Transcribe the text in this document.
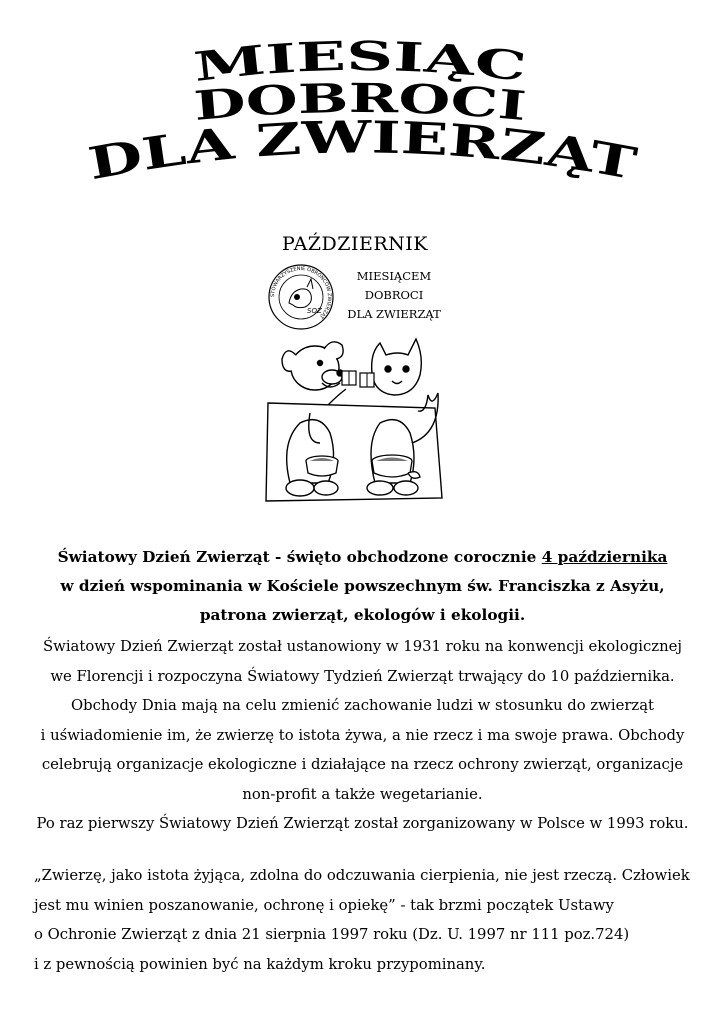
MIESIĄC
DOBROCI
DLA ZWIERZĄT
PAŹDZIERNIK
STOWARZYSZENIE OBROŃCÓW ZWIERZĄT
SOZ
MIESIĄCEM
DOBROCI
DLA ZWIERZĄT
Światowy Dzień Zwierząt - święto obchodzone corocznie 4 października
w dzień wspominania w Kościele powszechnym św. Franciszka z Asyżu,
patrona zwierząt, ekologów i ekologii.
Światowy Dzień Zwierząt został ustanowiony w 1931 roku na konwencji ekologicznej
we Florencji i rozpoczyna Światowy Tydzień Zwierząt trwający do 10 października.
Obchody Dnia mają na celu zmienić zachowanie ludzi w stosunku do zwierząt
i uświadomienie im, że zwierzę to istota żywa, a nie rzecz i ma swoje prawa. Obchody
celebrują organizacje ekologiczne i działające na rzecz ochrony zwierząt, organizacje
non-profit a także wegetarianie.
Po raz pierwszy Światowy Dzień Zwierząt został zorganizowany w Polsce w 1993 roku.
„Zwierzę, jako istota żyjąca, zdolna do odczuwania cierpienia, nie jest rzeczą. Człowiek
jest mu winien poszanowanie, ochronę i opiekę” - tak brzmi początek Ustawy
o Ochronie Zwierząt z dnia 21 sierpnia 1997 roku (Dz. U. 1997 nr 111 poz.724)
i z pewnością powinien być na każdym kroku przypominany.
